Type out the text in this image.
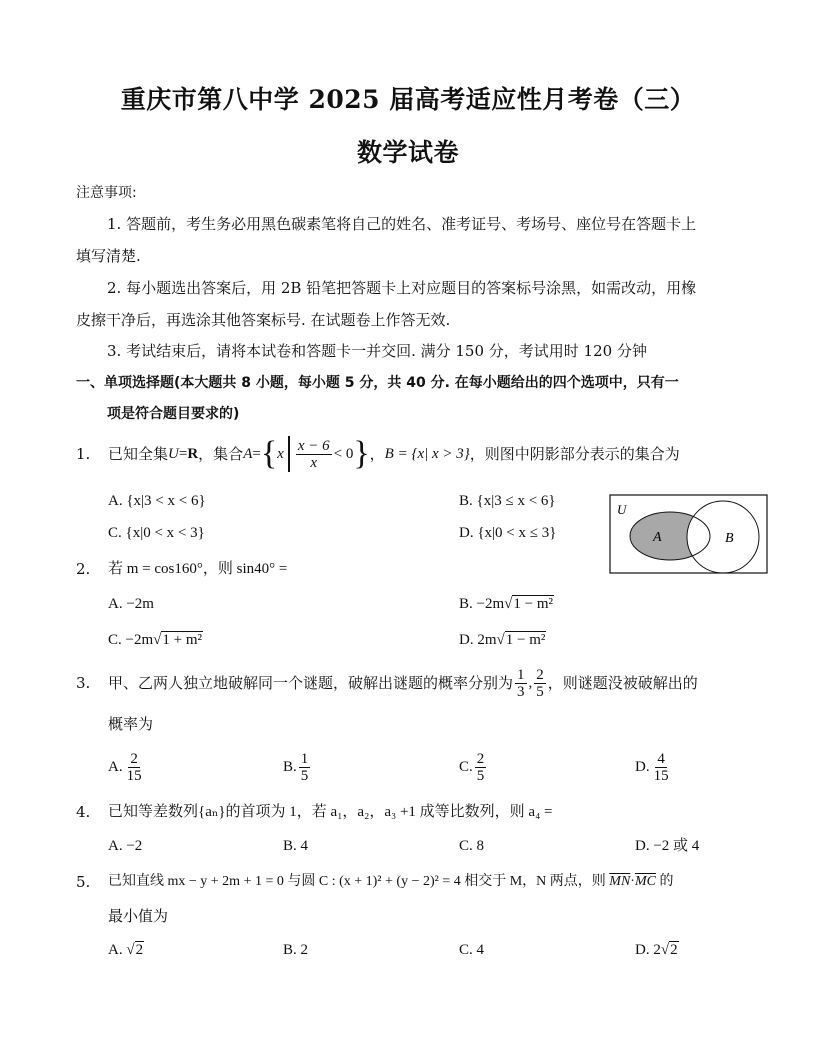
重庆市第八中学 2025 届高考适应性月考卷（三）
数学试卷
注意事项:
1. 答题前，考生务必用黑色碳素笔将自己的姓名、准考证号、考场号、座位号在答题卡上
填写清楚.
2. 每小题选出答案后，用 2B 铅笔把答题卡上对应题目的答案标号涂黑，如需改动，用橡
皮擦干净后，再选涂其他答案标号. 在试题卷上作答无效.
3. 考试结束后，请将本试卷和答题卡一并交回. 满分 150 分，考试用时 120 分钟
一、单项选择题(本大题共 8 小题，每小题 5 分，共 40 分. 在每小题给出的四个选项中，只有一
项是符合题目要求的)
1. 已知全集 U = R ，集合 A = { x $\frac{x - 6}{x} < 0$ } ， B = {x| x > 3} ，则图中阴影部分表示的集合为
A. {x|3 < x < 6}	B. {x|3 ≤ x < 6}
C. {x|0 < x < 3}	D. {x|0 < x ≤ 3}
U
A	B
2. 若 m = cos160°，则 sin40° =
A. −2m	B. −2m√1 − m²
C. −2m√1 + m²	D. 2m√1 − m²
3. 甲、乙两人独立地破解同一个谜题，破解出谜题的概率分别为 $\frac{1}{3}$ , $\frac{2}{5}$ ，则谜题没被破解出的
概率为
A. $\frac{2}{15}$	B. $\frac{1}{5}$	C. $\frac{2}{5}$	D. $\frac{4}{15}$
4. 已知等差数列{aₙ}的首项为 1，若 a₁，a₂，a₃ +1 成等比数列，则 a₄ =
A. −2	B. 4	C. 8	D. −2 或 4
5. 已知直线 mx − y + 2m + 1 = 0 与圆 C : (x + 1)² + (y − 2)² = 4 相交于 M，N 两点，则 $\overline{MN}\cdot\overline{MC}$ 的
最小值为
A. √2	B. 2	C. 4	D. 2√2
